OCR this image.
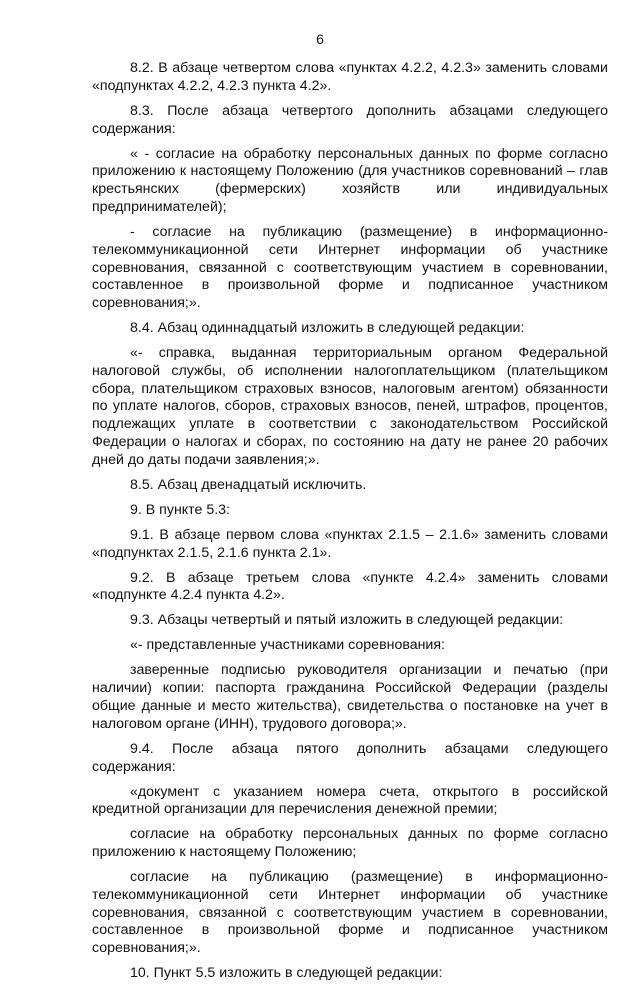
6

8.2. В абзаце четвертом слова «пунктах 4.2.2, 4.2.3» заменить словами «подпунктах 4.2.2, 4.2.3 пункта 4.2».

8.3. После абзаца четвертого дополнить абзацами следующего содержания:

« - согласие на обработку персональных данных по форме согласно приложению к настоящему Положению (для участников соревнований – глав крестьянских (фермерских) хозяйств или индивидуальных предпринимателей);

- согласие на публикацию (размещение) в информационно-телекоммуникационной сети Интернет информации об участнике соревнования, связанной с соответствующим участием в соревновании, составленное в произвольной форме и подписанное участником соревнования;».

8.4. Абзац одиннадцатый изложить в следующей редакции:

«- справка, выданная территориальным органом Федеральной налоговой службы, об исполнении налогоплательщиком (плательщиком сбора, плательщиком страховых взносов, налоговым агентом) обязанности по уплате налогов, сборов, страховых взносов, пеней, штрафов, процентов, подлежащих уплате в соответствии с законодательством Российской Федерации о налогах и сборах, по состоянию на дату не ранее 20 рабочих дней до даты подачи заявления;».

8.5. Абзац двенадцатый исключить.

9. В пункте 5.3:

9.1. В абзаце первом слова «пунктах 2.1.5 – 2.1.6» заменить словами «подпунктах 2.1.5, 2.1.6 пункта 2.1».

9.2. В абзаце третьем слова «пункте 4.2.4» заменить словами «подпункте 4.2.4 пункта 4.2».

9.3. Абзацы четвертый и пятый изложить в следующей редакции:

«- представленные участниками соревнования:

заверенные подписью руководителя организации и печатью (при наличии) копии: паспорта гражданина Российской Федерации (разделы общие данные и место жительства), свидетельства о постановке на учет в налоговом органе (ИНН), трудового договора;».

9.4. После абзаца пятого дополнить абзацами следующего содержания:

«документ с указанием номера счета, открытого в российской кредитной организации для перечисления денежной премии;

согласие на обработку персональных данных по форме согласно приложению к настоящему Положению;

согласие на публикацию (размещение) в информационно-телекоммуникационной сети Интернет информации об участнике соревнования, связанной с соответствующим участием в соревновании, составленное в произвольной форме и подписанное участником соревнования;».

10. Пункт 5.5 изложить в следующей редакции:
